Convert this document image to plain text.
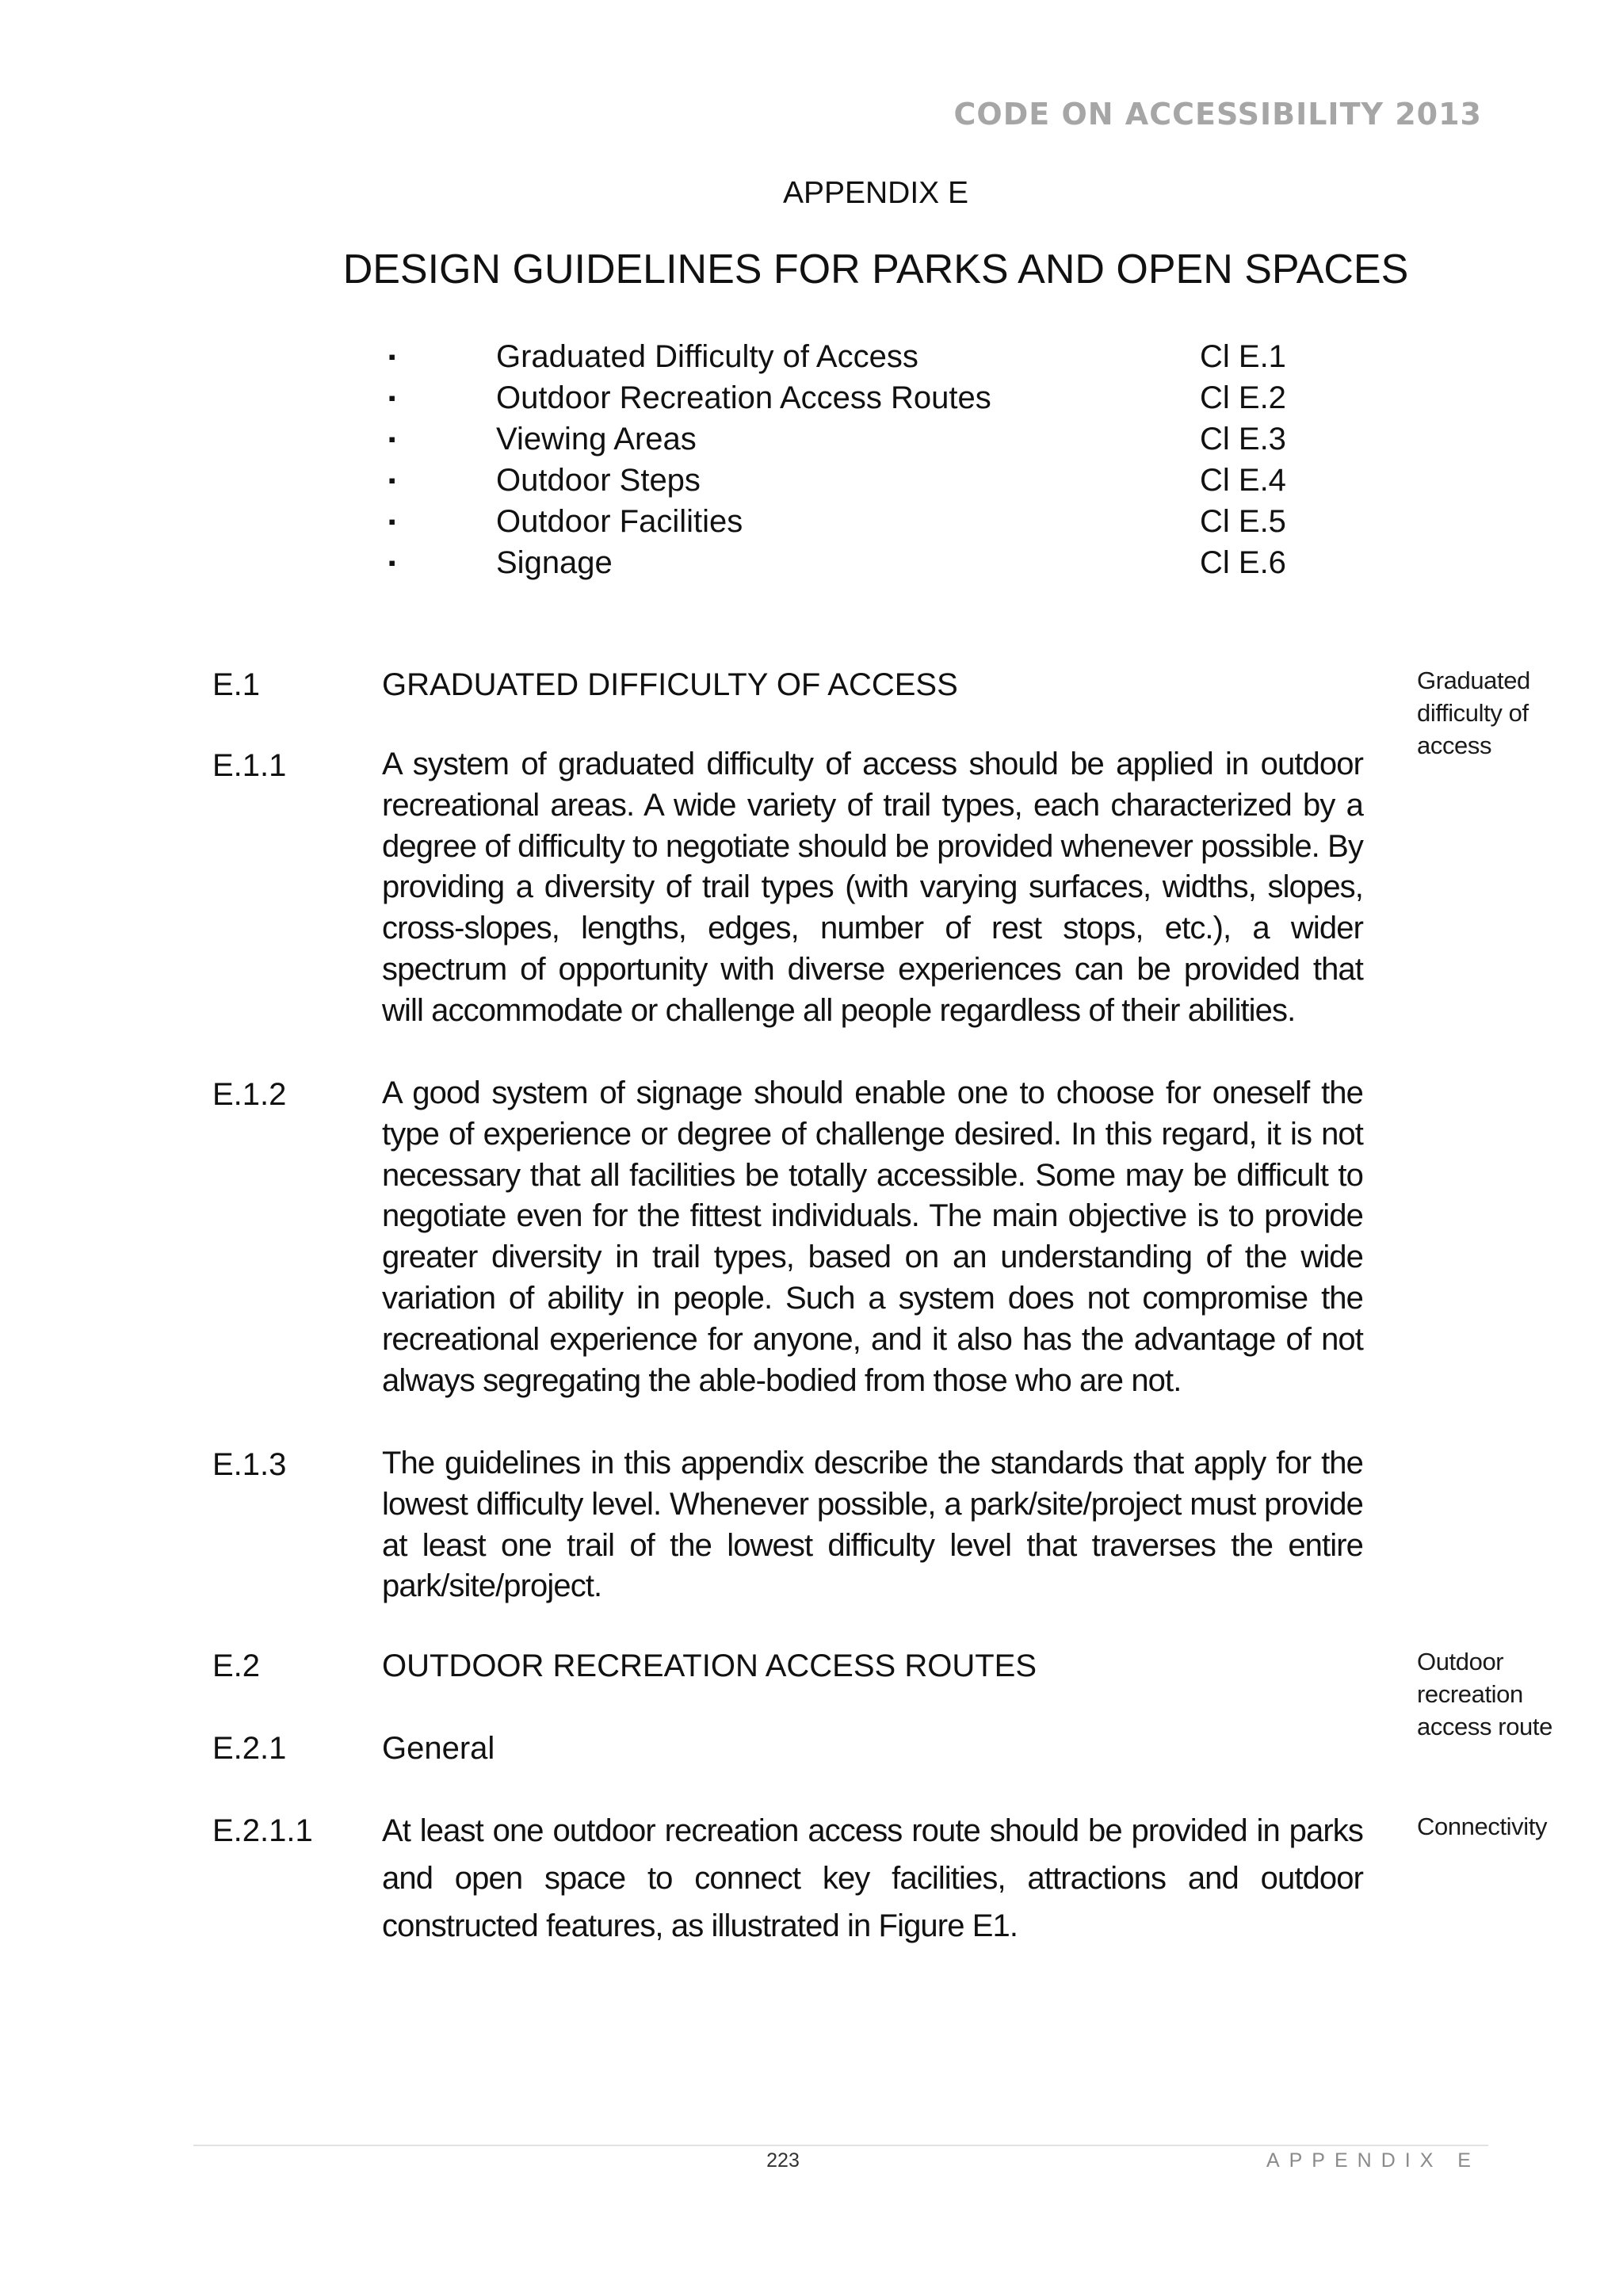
CODE ON ACCESSIBILITY 2013
APPENDIX E
DESIGN GUIDELINES FOR PARKS AND OPEN SPACES
▪	Graduated Difficulty of Access	Cl E.1
▪	Outdoor Recreation Access Routes	Cl E.2
▪	Viewing Areas	Cl E.3
▪	Outdoor Steps	Cl E.4
▪	Outdoor Facilities	Cl E.5
▪	Signage	Cl E.6
E.1	GRADUATED DIFFICULTY OF ACCESS	Graduated difficulty of access
E.1.1	A system of graduated difficulty of access should be applied in outdoor recreational areas. A wide variety of trail types, each characterized by a degree of difficulty to negotiate should be provided whenever possible. By providing a diversity of trail types (with varying surfaces, widths, slopes, cross-slopes, lengths, edges, number of rest stops, etc.), a wider spectrum of opportunity with diverse experiences can be provided that will accommodate or challenge all people regardless of their abilities.
E.1.2	A good system of signage should enable one to choose for oneself the type of experience or degree of challenge desired. In this regard, it is not necessary that all facilities be totally accessible. Some may be difficult to negotiate even for the fittest individuals. The main objective is to provide greater diversity in trail types, based on an understanding of the wide variation of ability in people. Such a system does not compromise the recreational experience for anyone, and it also has the advantage of not always segregating the able-bodied from those who are not.
E.1.3	The guidelines in this appendix describe the standards that apply for the lowest difficulty level. Whenever possible, a park/site/project must provide at least one trail of the lowest difficulty level that traverses the entire park/site/project.
E.2	OUTDOOR RECREATION ACCESS ROUTES	Outdoor recreation access route
E.2.1	General
E.2.1.1 At least one outdoor recreation access route should be provided in parks and open space to connect key facilities, attractions and outdoor constructed features, as illustrated in Figure E1.
Connectivity
223	APPENDIX E
